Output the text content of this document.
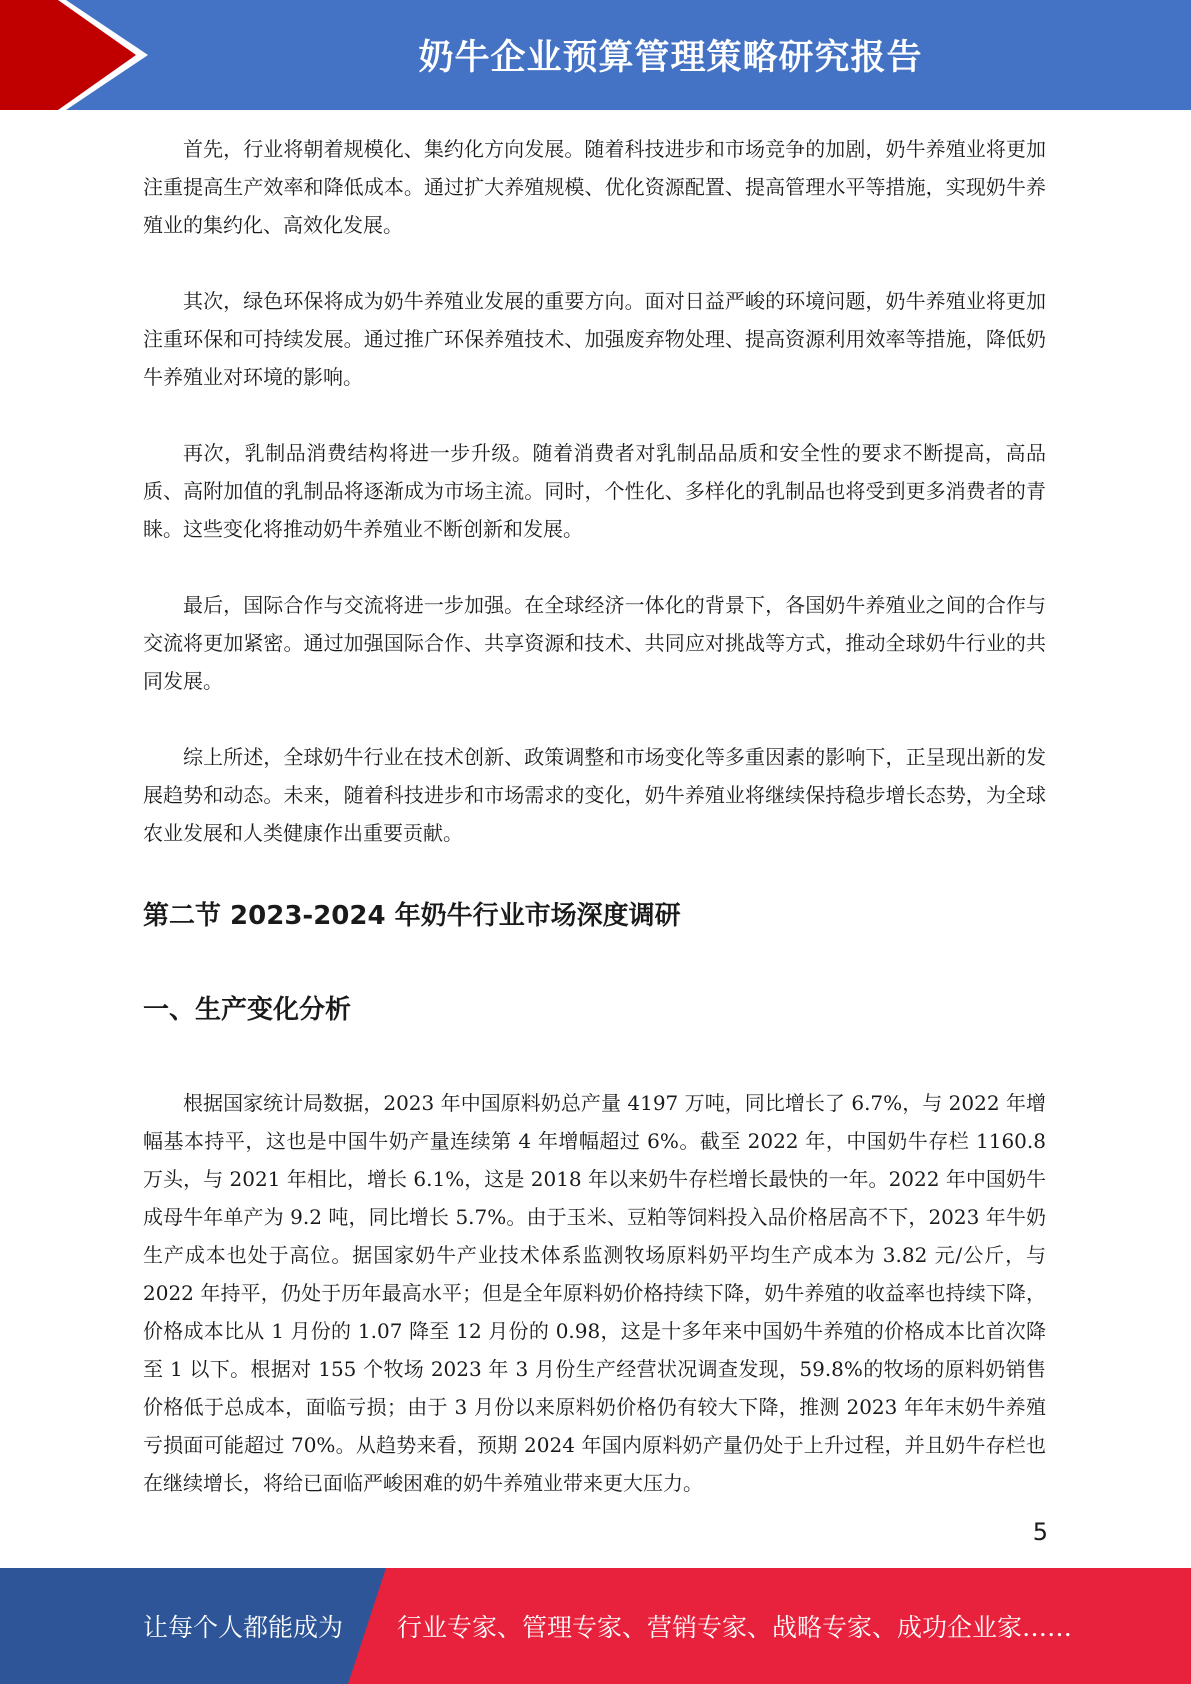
奶牛企业预算管理策略研究报告

首先，行业将朝着规模化、集约化方向发展。随着科技进步和市场竞争的加剧，奶牛养殖业将更加注重提高生产效率和降低成本。通过扩大养殖规模、优化资源配置、提高管理水平等措施，实现奶牛养殖业的集约化、高效化发展。

其次，绿色环保将成为奶牛养殖业发展的重要方向。面对日益严峻的环境问题，奶牛养殖业将更加注重环保和可持续发展。通过推广环保养殖技术、加强废弃物处理、提高资源利用效率等措施，降低奶牛养殖业对环境的影响。

再次，乳制品消费结构将进一步升级。随着消费者对乳制品品质和安全性的要求不断提高，高品质、高附加值的乳制品将逐渐成为市场主流。同时，个性化、多样化的乳制品也将受到更多消费者的青睐。这些变化将推动奶牛养殖业不断创新和发展。

最后，国际合作与交流将进一步加强。在全球经济一体化的背景下，各国奶牛养殖业之间的合作与交流将更加紧密。通过加强国际合作、共享资源和技术、共同应对挑战等方式，推动全球奶牛行业的共同发展。

综上所述，全球奶牛行业在技术创新、政策调整和市场变化等多重因素的影响下，正呈现出新的发展趋势和动态。未来，随着科技进步和市场需求的变化，奶牛养殖业将继续保持稳步增长态势，为全球农业发展和人类健康作出重要贡献。

第二节 2023-2024 年奶牛行业市场深度调研
一、生产变化分析

根据国家统计局数据，2023 年中国原料奶总产量 4197 万吨，同比增长了 6.7%，与 2022 年增幅基本持平，这也是中国牛奶产量连续第 4 年增幅超过 6%。截至 2022 年，中国奶牛存栏 1160.8 万头，与 2021 年相比，增长 6.1%，这是 2018 年以来奶牛存栏增长最快的一年。2022 年中国奶牛成母牛年单产为 9.2 吨，同比增长 5.7%。由于玉米、豆粕等饲料投入品价格居高不下，2023 年牛奶生产成本也处于高位。据国家奶牛产业技术体系监测牧场原料奶平均生产成本为 3.82 元/公斤，与 2022 年持平，仍处于历年最高水平；但是全年原料奶价格持续下降，奶牛养殖的收益率也持续下降，价格成本比从 1 月份的 1.07 降至 12 月份的 0.98，这是十多年来中国奶牛养殖的价格成本比首次降至 1 以下。根据对 155 个牧场 2023 年 3 月份生产经营状况调查发现，59.8%的牧场的原料奶销售价格低于总成本，面临亏损；由于 3 月份以来原料奶价格仍有较大下降，推测 2023 年年末奶牛养殖亏损面可能超过 70%。从趋势来看，预期 2024 年国内原料奶产量仍处于上升过程，并且奶牛存栏也在继续增长，将给已面临严峻困难的奶牛养殖业带来更大压力。

5
让每个人都能成为 行业专家、管理专家、营销专家、战略专家、成功企业家……
